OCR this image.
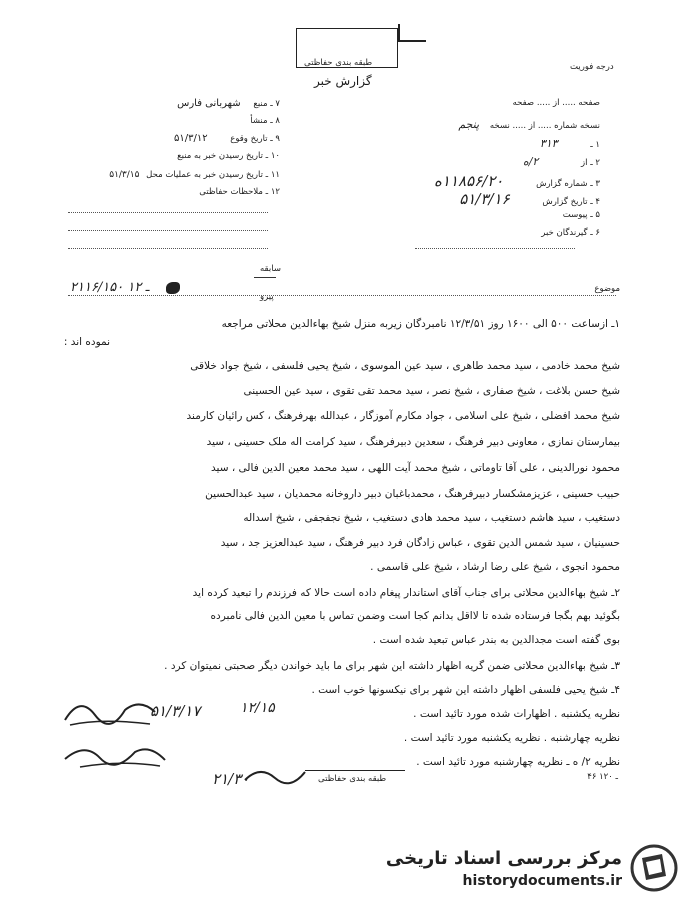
طبقه بندی حفاظتی
گزارش خبر
درجه فوریت
صفحه ..... از ..... صفحه
نسخه شماره ..... از ..... نسخه پنجم
۱ ـ ۳۱۳
۲ ـ از ۲/ه
۳ ـ شماره گزارش ۱۱۸۵۶/۲۰ه
۴ ـ تاریخ گزارش ۵۱/۳/۱۶
۵ ـ پیوست
۶ ـ گیرندگان خبر
۷ ـ منبع شهربانی فارس
۸ ـ منشأ
۹ ـ تاریخ وقوع ۵۱/۳/۱۲
۱۰ ـ تاریخ رسیدن خبر به منبع
۱۱ ـ تاریخ رسیدن خبر به عملیات محل ۵۱/۳/۱۵
۱۲ ـ ملاحظات حفاظتی
موضوع
سابقه
پیرو
۲۱۱۶/۱۵۰ ـ ۱۲
۱ـ ازساعت ۵۰۰ الی ۱۶۰۰ روز ۱۲/۳/۵۱ نامبردگان زیربه منزل شیخ بهاءالدین محلاتی مراجعه
نموده اند :
شیخ محمد خادمی ، سید محمد طاهری ، سید عین الموسوی ، شیخ یحیی فلسفی ، شیخ جواد خلاقی
شیخ حسن بلاغت ، شیخ صفاری ، شیخ نصر ، سید محمد تقی تقوی ، سید عین الحسینی
شیخ محمد افضلی ، شیخ علی اسلامی ، جواد مکارم آموزگار ، عبدالله بهرفرهنگ ، کس رائیان کارمند
بیمارستان نمازی ، معاونی دبیر فرهنگ ، سعدین دبیرفرهنگ ، سید کرامت اله ملک حسینی ، سید
محمود نورالدینی ، علی آقا تاوماتی ، شیخ محمد آیت اللهی ، سید محمد معین الدین فالی ، سید
حبیب حسینی ، عزیزمشکسار دبیرفرهنگ ، محمدباغبان دبیر داروخانه محمدیان ، سید عبدالحسین
دستغیب ، سید هاشم دستغیب ، سید محمد هادی دستغیب ، شیخ نجفجفی ، شیخ اسداله
حسینیان ، سید شمس الدین تقوی ، عباس زادگان فرد دبیر فرهنگ ، سید عبدالعزیز جد ، سید
محمود انجوی ، شیخ علی رضا ارشاد ، شیخ علی قاسمی .
۲ـ شیخ بهاءالدین محلاتی برای جناب آقای استاندار پیغام داده است حالا که فرزندم را تبعید کرده اید
بگوئید بهم بگجا فرستاده شده تا لااقل بدانم کجا است وضمن تماس با معین الدین فالی نامبرده
بوی گفته است مجدالدین به بندر عباس تبعید شده است .
۳ـ شیخ بهاءالدین محلاتی ضمن گریه اظهار داشته این شهر برای ما باید خواندن دیگر صحبتی نمیتوان کرد .
۴ـ شیخ یحیی فلسفی اظهار داشته این شهر برای نیکسونها خوب است .
نظریه یکشنبه . اظهارات شده مورد تائید است .
نظریه چهارشنبه . نظریه یکشنبه مورد تائید است .
نظریه ۲/ ه ـ نظریه چهارشنبه مورد تائید است .
۵۱/۳/۱۷	۱۲/۱۵
۲۱/۳۰	طبقه بندی حفاظتی	۴۶ ـ ۱۲۰
مرکز بررسی اسناد تاریخی
historydocuments.ir
